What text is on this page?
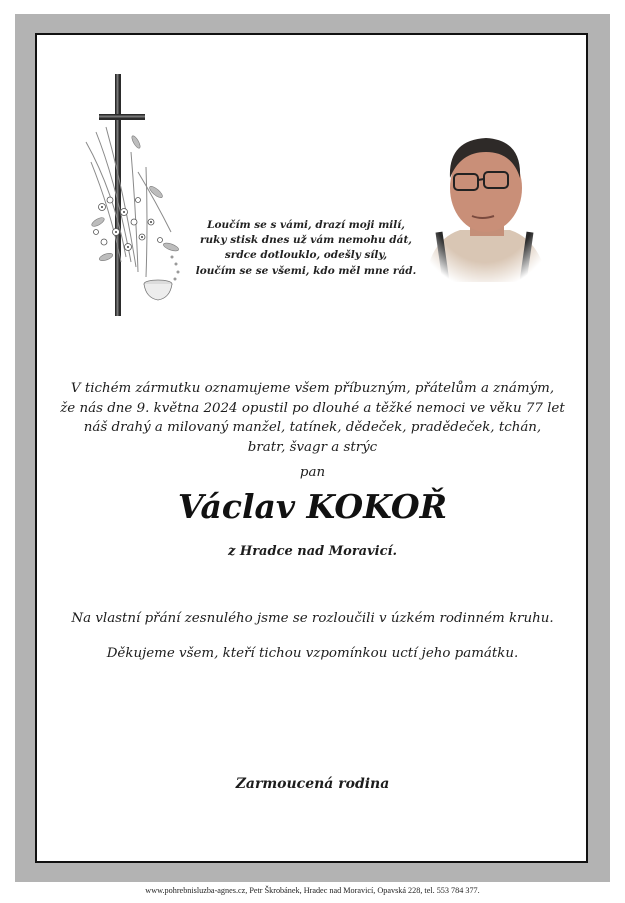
Loučím se s vámi, drazí moji milí,
ruky stisk dnes už vám nemohu dát,
srdce dotlouklo, odešly síly,
loučím se se všemi, kdo měl mne rád.
V tichém zármutku oznamujeme všem příbuzným, přátelům a známým,
že nás dne 9. května 2024 opustil po dlouhé a těžké nemoci ve věku 77 let
náš drahý a milovaný manžel, tatínek, dědeček, pradědeček, tchán,
bratr, švagr a strýc
pan
Václav KOKOŘ
z Hradce nad Moravicí.
Na vlastní přání zesnulého jsme se rozloučili v úzkém rodinném kruhu.
Děkujeme všem, kteří tichou vzpomínkou uctí jeho památku.
Zarmoucená rodina
www.pohrebnisluzba-agnes.cz, Petr Škrobánek, Hradec nad Moravicí, Opavská 228, tel. 553 784 377.
